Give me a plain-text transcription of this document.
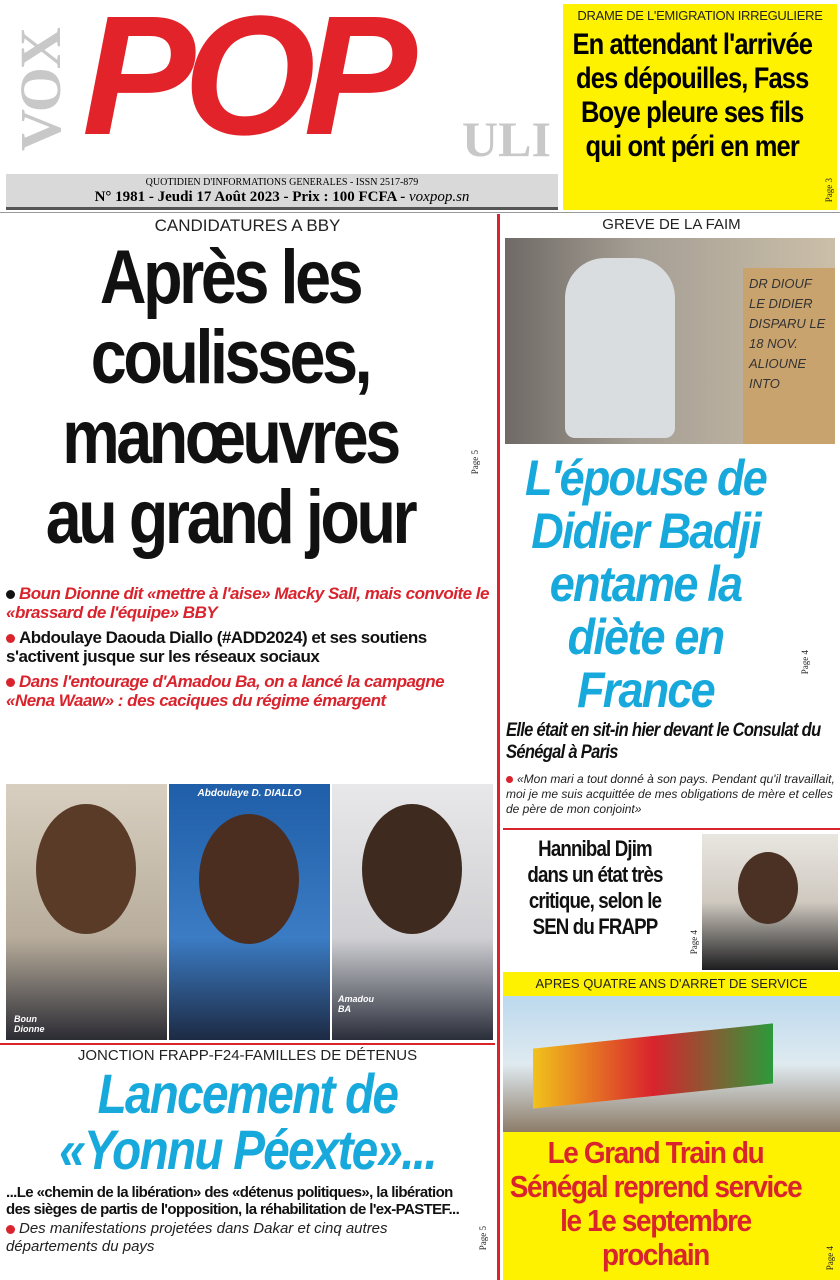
VOX POP ULI
QUOTIDIEN D'INFORMATIONS GENERALES - ISSN 2517-879
N° 1981 - Jeudi 17 Août 2023 - Prix : 100 FCFA - voxpop.sn
DRAME DE L'EMIGRATION IRREGULIERE
En attendant l'arrivée des dépouilles, Fass Boye pleure ses fils qui ont péri en mer
Page 3
CANDIDATURES A BBY
Après les
coulisses,
manœuvres
au grand jour
Page 5
Boun Dionne dit «mettre à l'aise» Macky Sall, mais convoite le «brassard de l'équipe» BBY
Abdoulaye Daouda Diallo (#ADD2024) et ses soutiens s'activent jusque sur les réseaux sociaux
Dans l'entourage d'Amadou Ba, on a lancé la campagne «Nena Waaw» : des caciques du régime émargent
Boun Dionne
Abdoulaye D. DIALLO
Amadou BA
JONCTION FRAPP-F24-FAMILLES DE DÉTENUS
Lancement de
«Yonnu Péexte»...
...Le «chemin de la libération» des «détenus politiques», la libération des sièges de partis de l'opposition, la réhabilitation de l'ex-PASTEF...
Des manifestations projetées dans Dakar et cinq autres départements du pays	Page 5
GREVE DE LA FAIM
DR DIOUF LE DIDIER DISPARU LE 18 NOV. ALIOUNE INTO
L'épouse de
Didier Badji
entame la
diète en
France	Page 4
Elle était en sit-in hier devant le Consulat du Sénégal à Paris
«Mon mari a tout donné à son pays. Pendant qu'il travaillait, moi je me suis acquittée de mes obligations de mère et celles de père de mon conjoint»
Hannibal Djim
dans un état très
critique, selon le
SEN du FRAPP
Page 4
APRES QUATRE ANS D'ARRET DE SERVICE
Le Grand Train du Sénégal reprend service le 1e septembre prochain	Page 4
